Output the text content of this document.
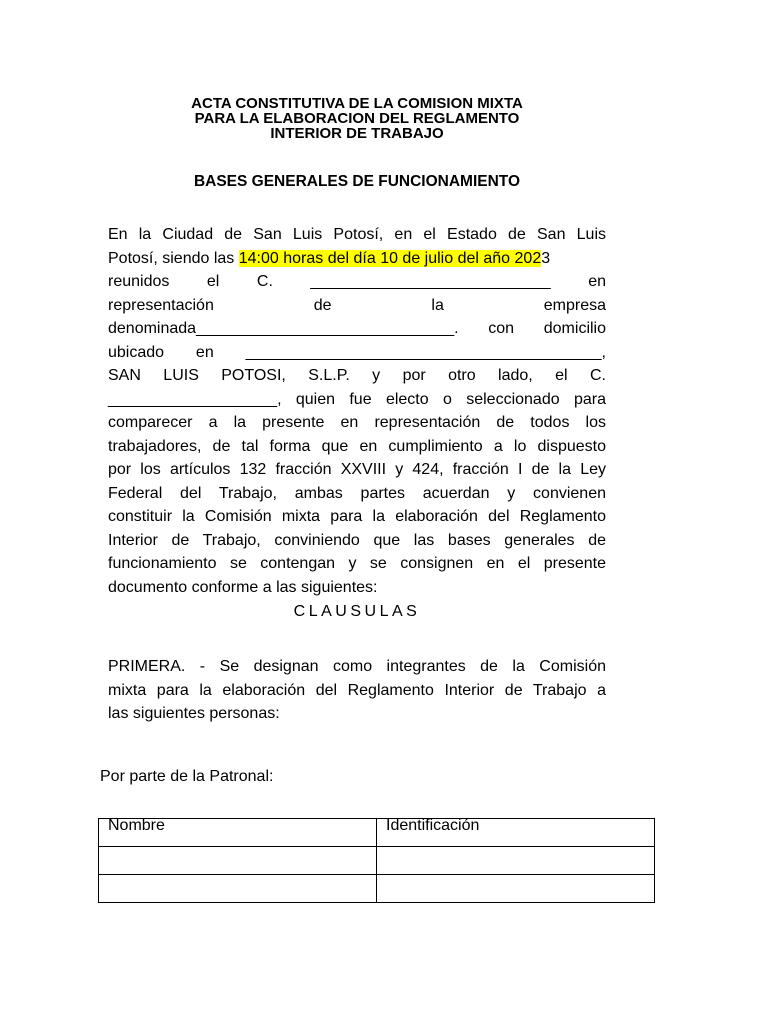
ACTA CONSTITUTIVA DE LA COMISION MIXTA
PARA LA ELABORACION DEL REGLAMENTO
INTERIOR DE TRABAJO
BASES GENERALES DE FUNCIONAMIENTO
En la Ciudad de San Luis Potosí, en el Estado de San Luis
Potosí, siendo las 14:00 horas del día 10 de julio del año 2023
reunidos el C. ___________________________ en
representación de la empresa
denominada_____________________________. con domicilio
ubicado en ________________________________________,
SAN LUIS POTOSI, S.L.P. y por otro lado, el C.
___________________, quien fue electo o seleccionado para
comparecer a la presente en representación de todos los
trabajadores, de tal forma que en cumplimiento a lo dispuesto
por los artículos 132 fracción XXVIII y 424, fracción I de la Ley
Federal del Trabajo, ambas partes acuerdan y convienen
constituir la Comisión mixta para la elaboración del Reglamento
Interior de Trabajo, conviniendo que las bases generales de
funcionamiento se contengan y se consignen en el presente
documento conforme a las siguientes:
CLAUSULAS
PRIMERA. - Se designan como integrantes de la Comisión
mixta para la elaboración del Reglamento Interior de Trabajo a
las siguientes personas:
Por parte de la Patronal:
Nombre	Identificación
